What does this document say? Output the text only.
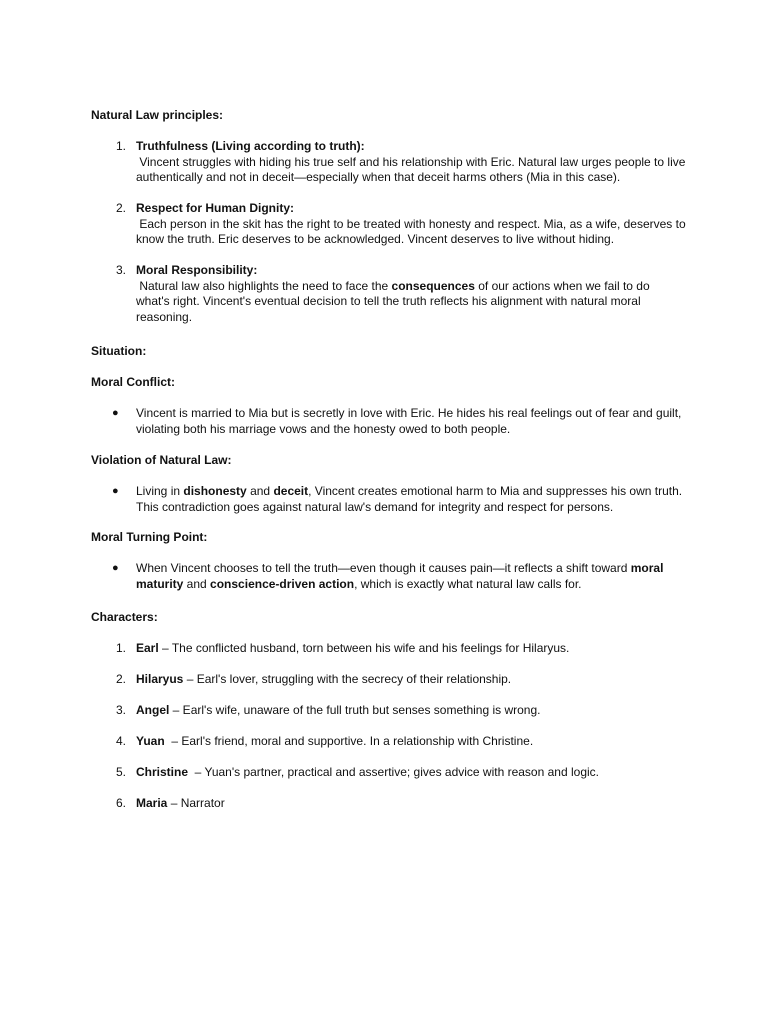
Natural Law principles:
1. Truthfulness (Living according to truth):
Vincent struggles with hiding his true self and his relationship with Eric. Natural law urges people to live authentically and not in deceit—especially when that deceit harms others (Mia in this case).
2. Respect for Human Dignity:
Each person in the skit has the right to be treated with honesty and respect. Mia, as a wife, deserves to know the truth. Eric deserves to be acknowledged. Vincent deserves to live without hiding.
3. Moral Responsibility:
Natural law also highlights the need to face the consequences of our actions when we fail to do what's right. Vincent's eventual decision to tell the truth reflects his alignment with natural moral reasoning.
Situation:
Moral Conflict:
● Vincent is married to Mia but is secretly in love with Eric. He hides his real feelings out of fear and guilt, violating both his marriage vows and the honesty owed to both people.
Violation of Natural Law:
● Living in dishonesty and deceit, Vincent creates emotional harm to Mia and suppresses his own truth. This contradiction goes against natural law's demand for integrity and respect for persons.
Moral Turning Point:
● When Vincent chooses to tell the truth—even though it causes pain—it reflects a shift toward moral maturity and conscience-driven action, which is exactly what natural law calls for.
Characters:
1. Earl – The conflicted husband, torn between his wife and his feelings for Hilaryus.
2. Hilaryus – Earl's lover, struggling with the secrecy of their relationship.
3. Angel – Earl's wife, unaware of the full truth but senses something is wrong.
4. Yuan  – Earl's friend, moral and supportive. In a relationship with Christine.
5. Christine  – Yuan's partner, practical and assertive; gives advice with reason and logic.
6. Maria – Narrator
